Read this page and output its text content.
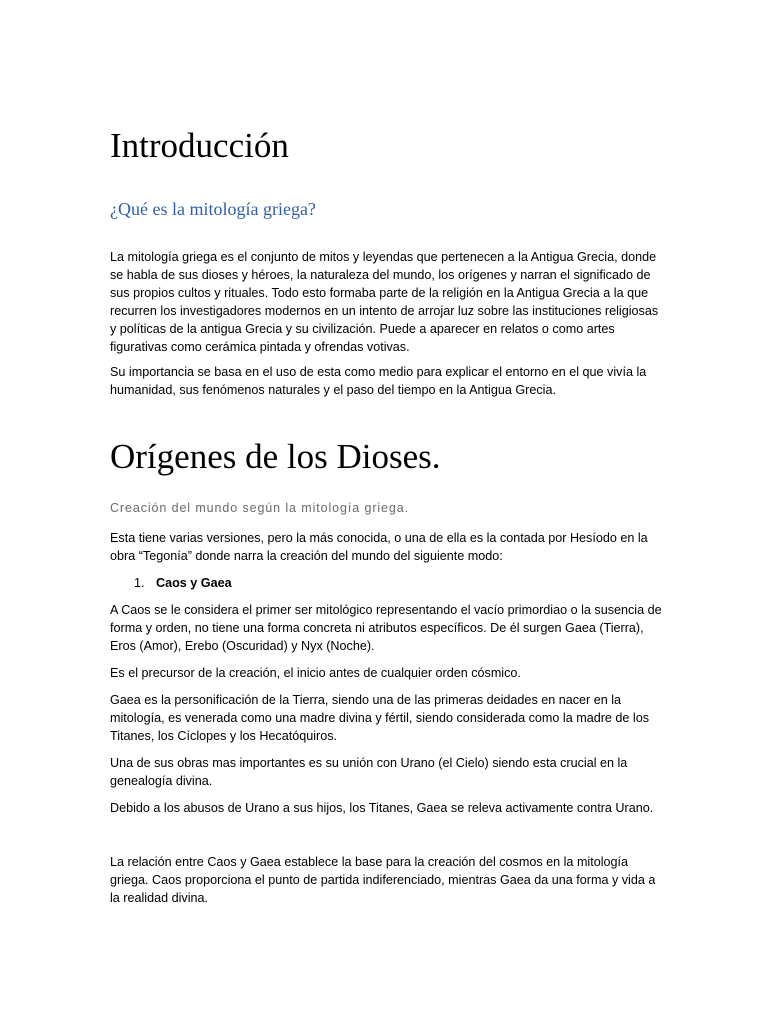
Introducción
¿Qué es la mitología griega?

La mitología griega es el conjunto de mitos y leyendas que pertenecen a la Antigua Grecia, donde se habla de sus dioses y héroes, la naturaleza del mundo, los orígenes y narran el significado de sus propios cultos y rituales. Todo esto formaba parte de la religión en la Antigua Grecia a la que recurren los investigadores modernos en un intento de arrojar luz sobre las instituciones religiosas y políticas de la antigua Grecia y su civilización. Puede a aparecer en relatos o como artes figurativas como cerámica pintada y ofrendas votivas.

Su importancia se basa en el uso de esta como medio para explicar el entorno en el que vivía la humanidad, sus fenómenos naturales y el paso del tiempo en la Antigua Grecia.

Orígenes de los Dioses.
Creación del mundo según la mitología griega.

Esta tiene varias versiones, pero la más conocida, o una de ella es la contada por Hesíodo en la obra “Tegonía” donde narra la creación del mundo del siguiente modo:

1. Caos y Gaea

A Caos se le considera el primer ser mitológico representando el vacío primordiao o la susencia de forma y orden, no tiene una forma concreta ni atributos específicos. De él surgen Gaea (Tierra), Eros (Amor), Erebo (Oscuridad) y Nyx (Noche).

Es el precursor de la creación, el inicio antes de cualquier orden cósmico.

Gaea es la personificación de la Tierra, siendo una de las primeras deidades en nacer en la mitología, es venerada como una madre divina y fértil, siendo considerada como la madre de los Titanes, los Cíclopes y los Hecatóquiros.

Una de sus obras mas importantes es su unión con Urano (el Cielo) siendo esta crucial en la genealogía divina.

Debido a los abusos de Urano a sus hijos, los Titanes, Gaea se releva activamente contra Urano.

La relación entre Caos y Gaea establece la base para la creación del cosmos en la mitología griega. Caos proporciona el punto de partida indiferenciado, mientras Gaea da una forma y vida a la realidad divina.
